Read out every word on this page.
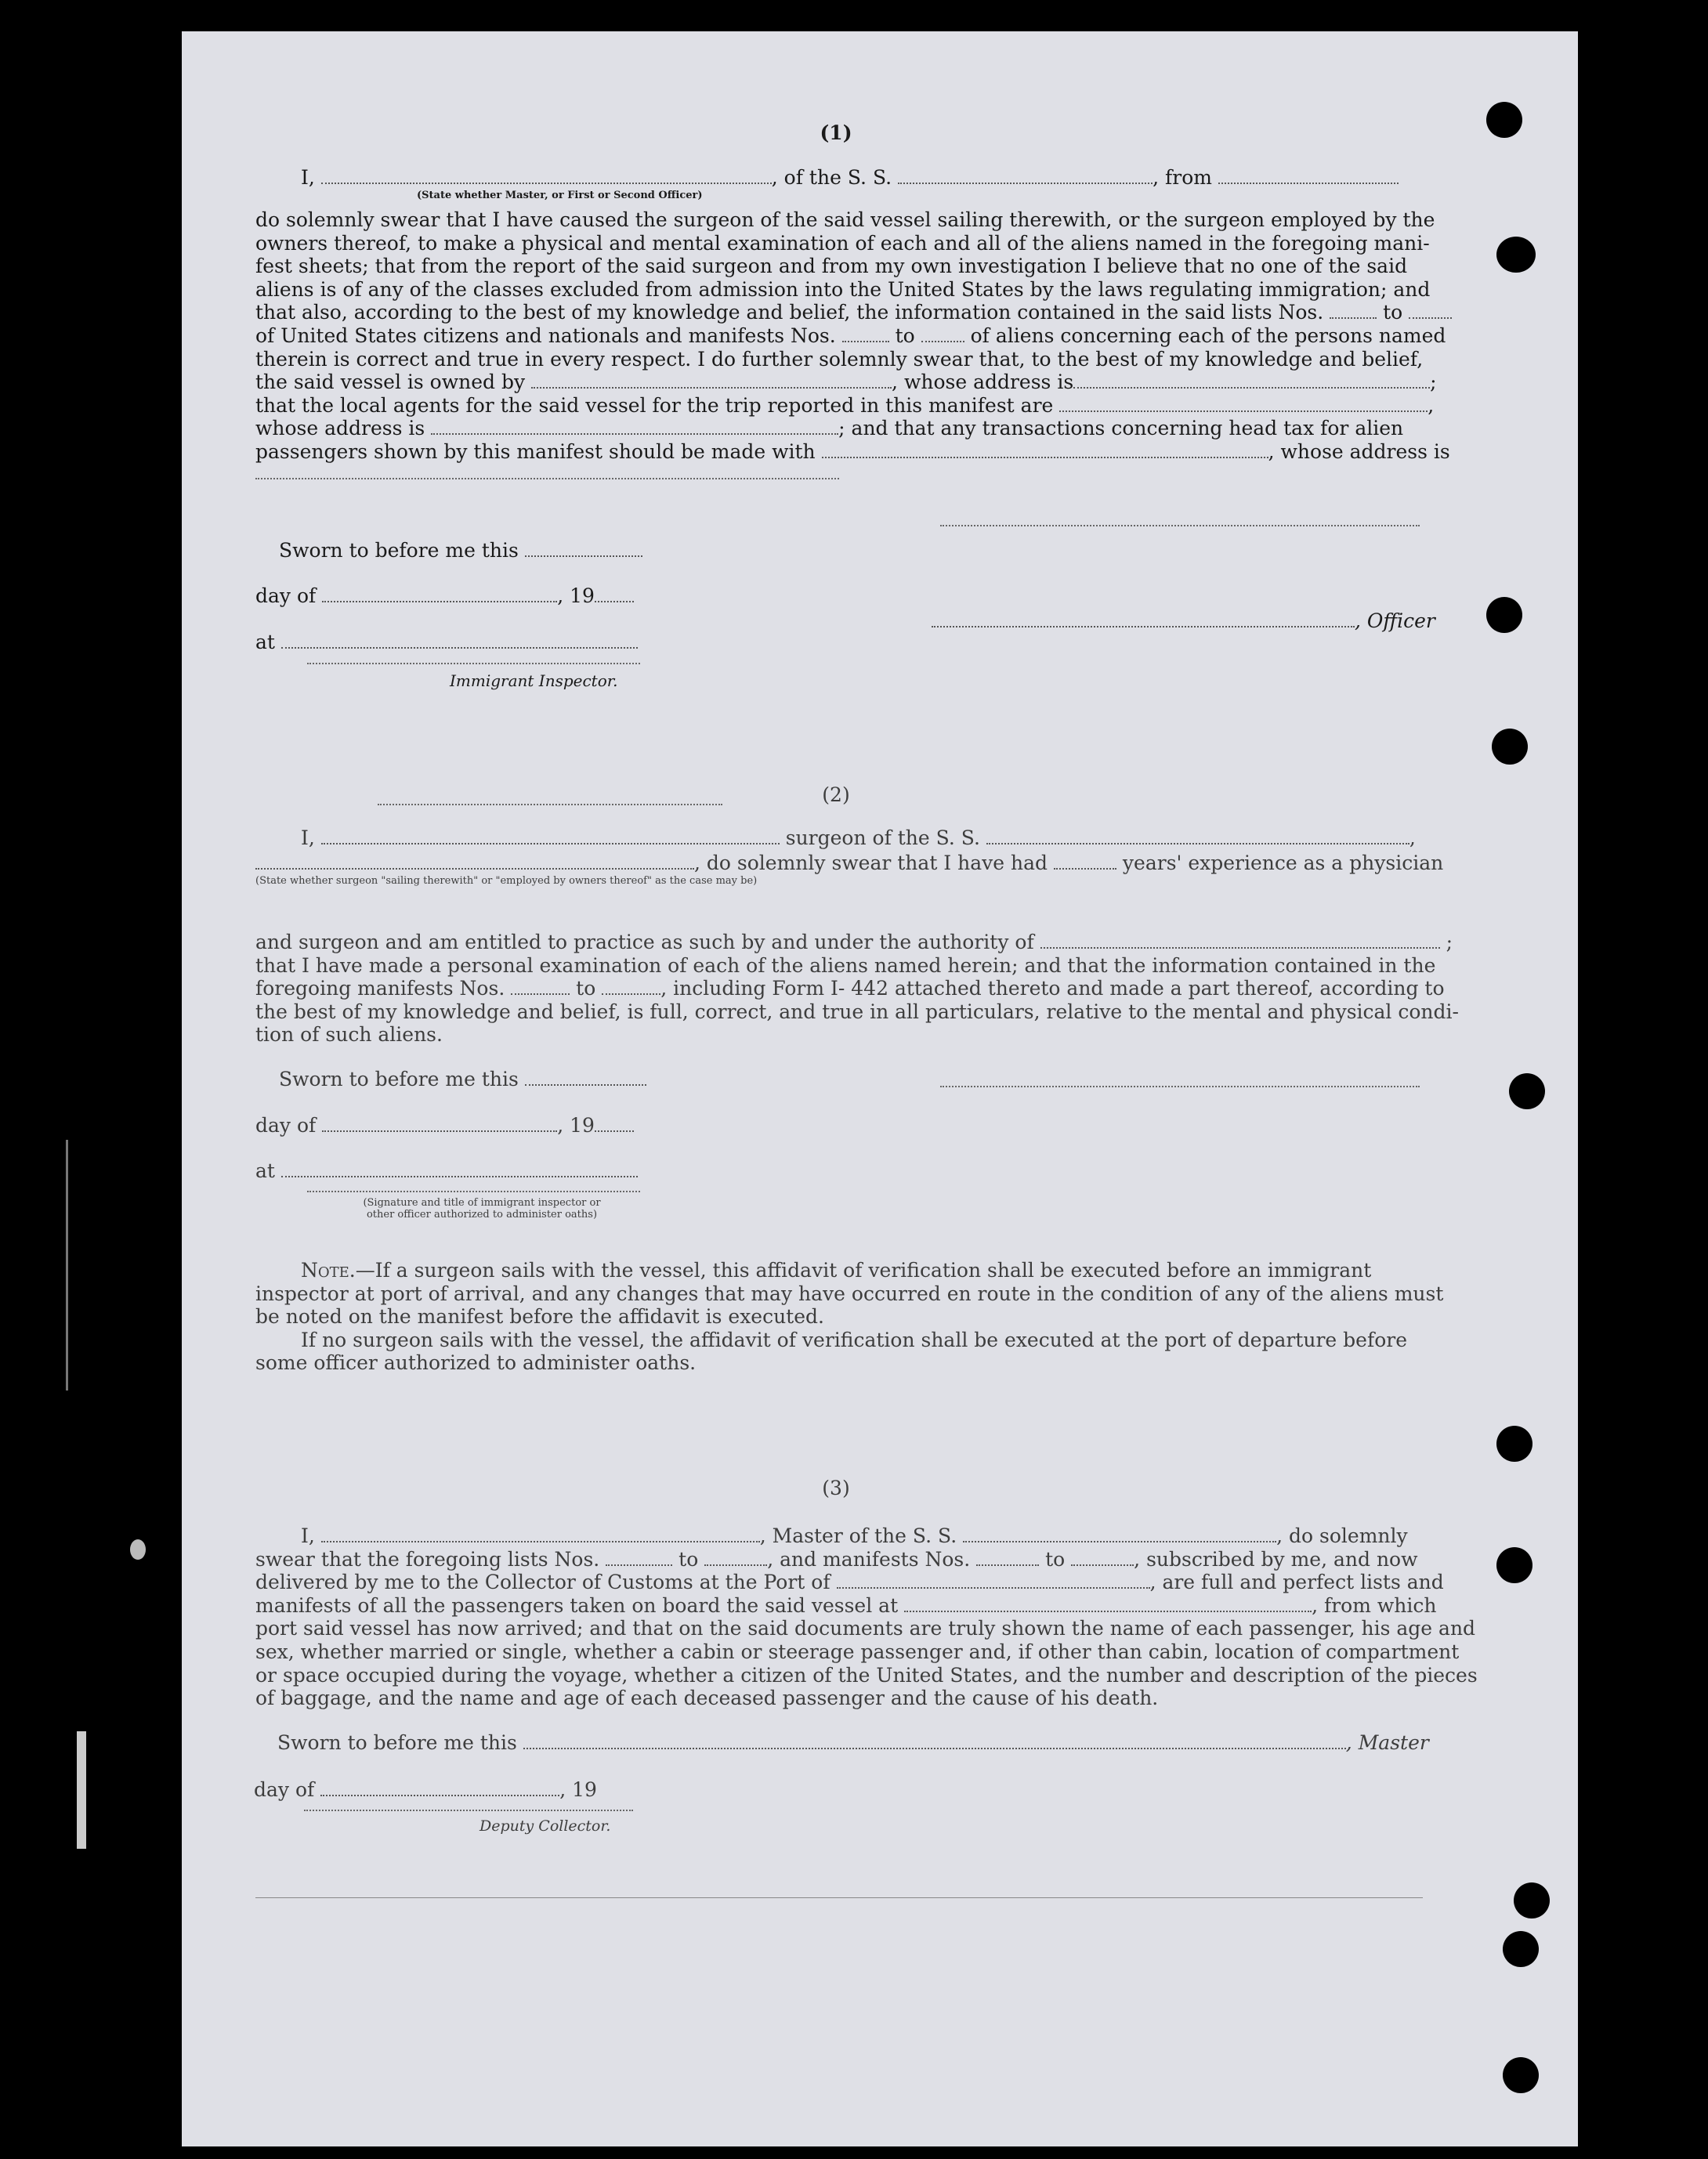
(1)
I,	, of the S. S.	, from
(State whether Master, or First or Second Officer)
do solemnly swear that I have caused the surgeon of the said vessel sailing therewith, or the surgeon employed by the
owners thereof, to make a physical and mental examination of each and all of the aliens named in the foregoing mani-
fest sheets; that from the report of the said surgeon and from my own investigation I believe that no one of the said
aliens is of any of the classes excluded from admission into the United States by the laws regulating immigration; and
that also, according to the best of my knowledge and belief, the information contained in the said lists Nos.	to
of United States citizens and nationals and manifests Nos.	to	of aliens concerning each of the persons named
therein is correct and true in every respect. I do further solemnly swear that, to the best of my knowledge and belief,
the said vessel is owned by	, whose address is	;
that the local agents for the said vessel for the trip reported in this manifest are	,
whose address is	; and that any transactions concerning head tax for alien
passengers shown by this manifest should be made with	, whose address is
Sworn to before me this
day of	, 19
, Officer
at
Immigrant Inspector.
(2)
I,	surgeon of the S. S.	,
, do solemnly swear that I have had	years' experience as a physician
(State whether surgeon "sailing therewith" or "employed by owners thereof" as the case may be)
and surgeon and am entitled to practice as such by and under the authority of	;
that I have made a personal examination of each of the aliens named herein; and that the information contained in the
foregoing manifests Nos.	to	, including Form I- 442 attached thereto and made a part thereof, according to
the best of my knowledge and belief, is full, correct, and true in all particulars, relative to the mental and physical condi-
tion of such aliens.
Sworn to before me this
day of	, 19
at
(Signature and title of immigrant inspector or
other officer authorized to administer oaths)
Note.—If a surgeon sails with the vessel, this affidavit of verification shall be executed before an immigrant
inspector at port of arrival, and any changes that may have occurred en route in the condition of any of the aliens must
be noted on the manifest before the affidavit is executed.
If no surgeon sails with the vessel, the affidavit of verification shall be executed at the port of departure before
some officer authorized to administer oaths.
(3)
I,	, Master of the S. S.	, do solemnly
swear that the foregoing lists Nos.	to	, and manifests Nos.	to	, subscribed by me, and now
delivered by me to the Collector of Customs at the Port of	, are full and perfect lists and
manifests of all the passengers taken on board the said vessel at	, from which
port said vessel has now arrived; and that on the said documents are truly shown the name of each passenger, his age and
sex, whether married or single, whether a cabin or steerage passenger and, if other than cabin, location of compartment
or space occupied during the voyage, whether a citizen of the United States, and the number and description of the pieces
of baggage, and the name and age of each deceased passenger and the cause of his death.
Sworn to before me this	, Master
day of	, 19
Deputy Collector.
